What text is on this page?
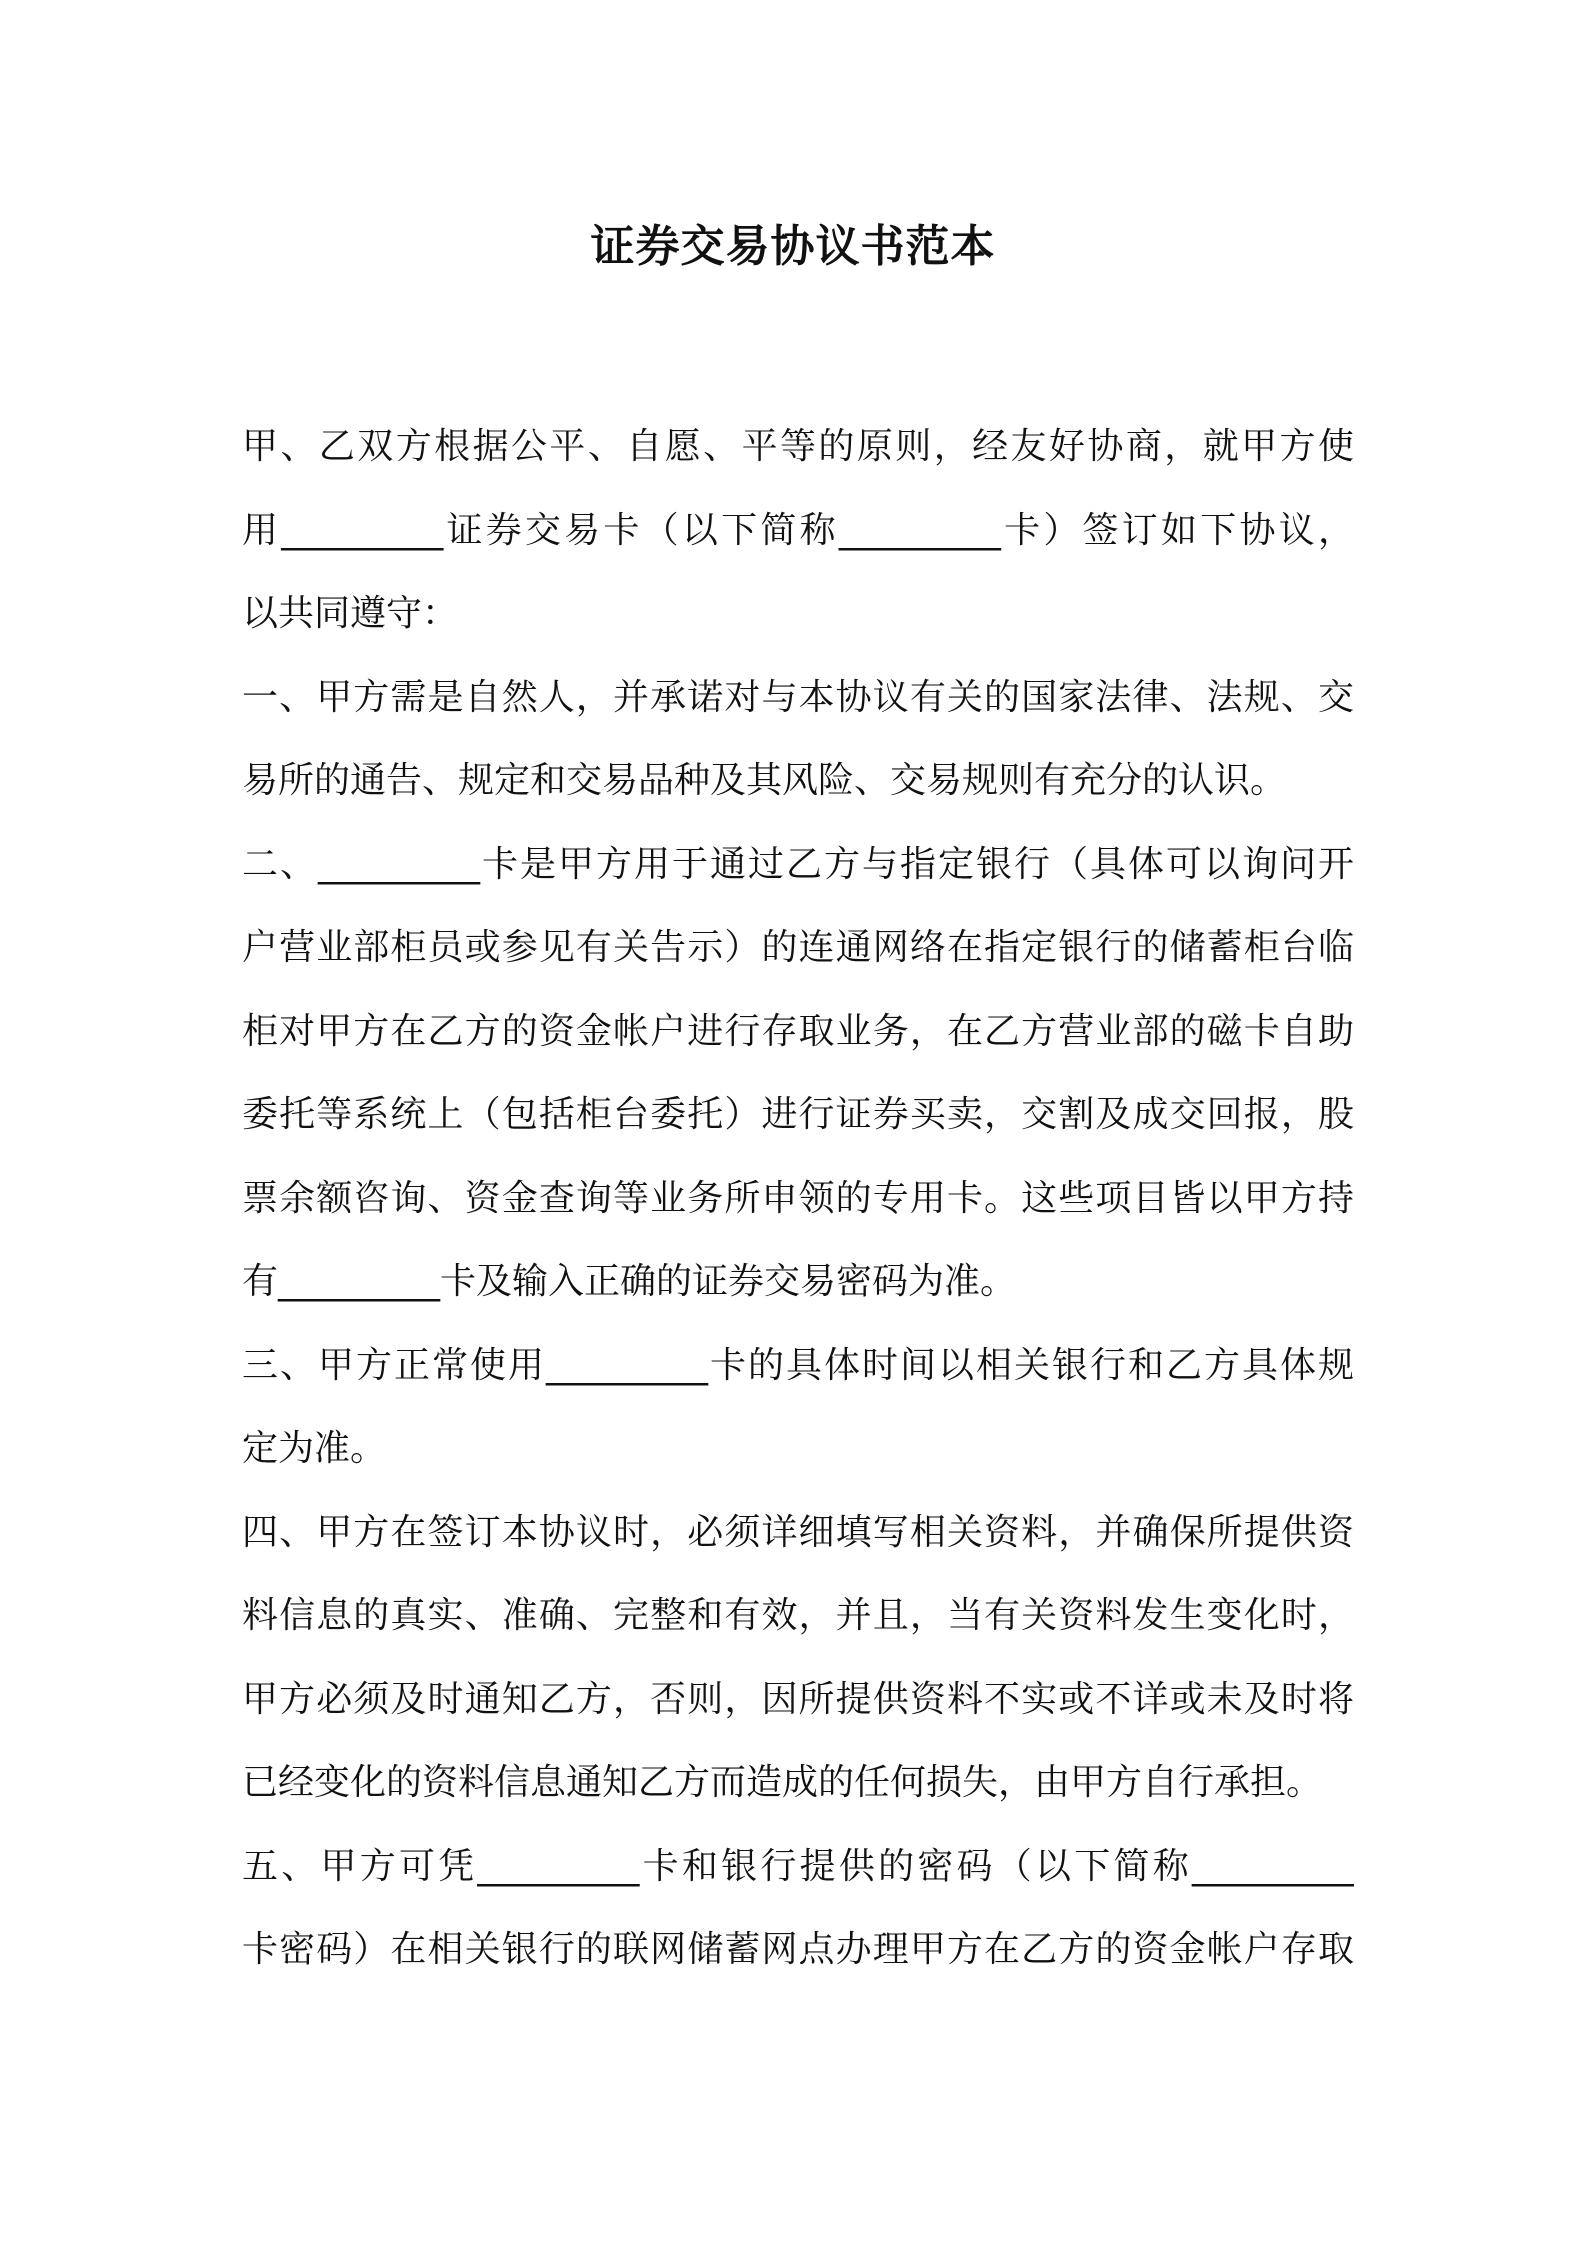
证券交易协议书范本
甲、乙双方根据公平、自愿、平等的原则，经友好协商，就甲方使
用_________证券交易卡（以下简称_________卡）签订如下协议，
以共同遵守：
一、甲方需是自然人，并承诺对与本协议有关的国家法律、法规、交
易所的通告、规定和交易品种及其风险、交易规则有充分的认识。
二、_________卡是甲方用于通过乙方与指定银行（具体可以询问开
户营业部柜员或参见有关告示）的连通网络在指定银行的储蓄柜台临
柜对甲方在乙方的资金帐户进行存取业务，在乙方营业部的磁卡自助
委托等系统上（包括柜台委托）进行证券买卖，交割及成交回报，股
票余额咨询、资金查询等业务所申领的专用卡。这些项目皆以甲方持
有_________卡及输入正确的证券交易密码为准。
三、甲方正常使用_________卡的具体时间以相关银行和乙方具体规
定为准。
四、甲方在签订本协议时，必须详细填写相关资料，并确保所提供资
料信息的真实、准确、完整和有效，并且，当有关资料发生变化时，
甲方必须及时通知乙方，否则，因所提供资料不实或不详或未及时将
已经变化的资料信息通知乙方而造成的任何损失，由甲方自行承担。
五、甲方可凭_________卡和银行提供的密码（以下简称_________
卡密码）在相关银行的联网储蓄网点办理甲方在乙方的资金帐户存取
